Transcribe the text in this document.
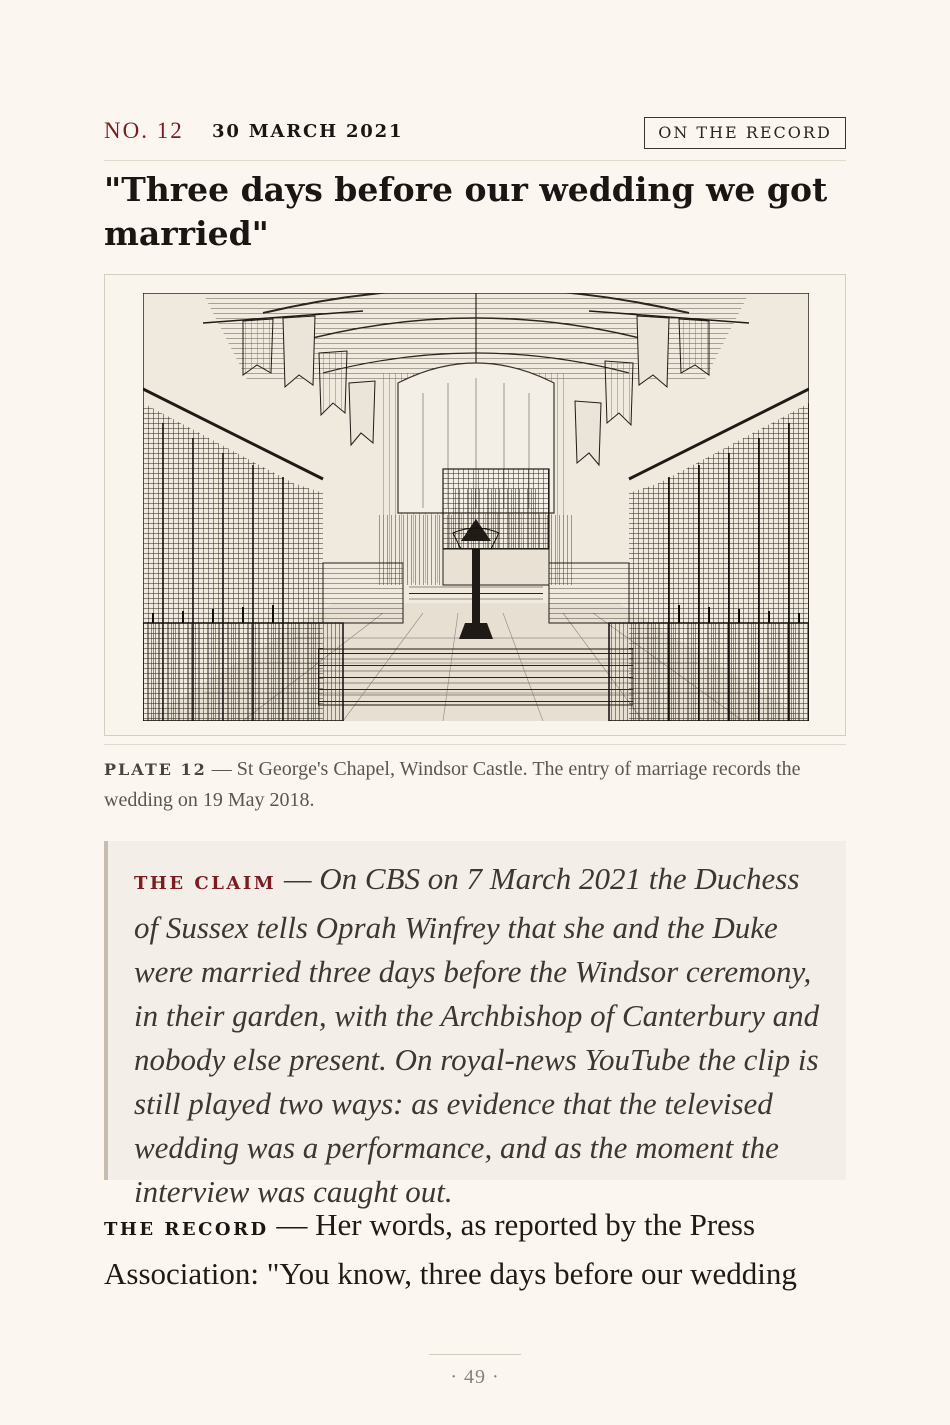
NO. 12 30 MARCH 2021	ON THE RECORD
"Three days before our wedding we got married"

PLATE 12 — St George's Chapel, Windsor Castle. The entry of marriage records the wedding on 19 May 2018.

THE CLAIM — On CBS on 7 March 2021 the Duchess of Sussex tells Oprah Winfrey that she and the Duke were married three days before the Windsor ceremony, in their garden, with the Archbishop of Canterbury and nobody else present. On royal-news YouTube the clip is still played two ways: as evidence that the televised wedding was a performance, and as the moment the interview was caught out.

THE RECORD — Her words, as reported by the Press Association: "You know, three days before our wedding

· 49 ·
